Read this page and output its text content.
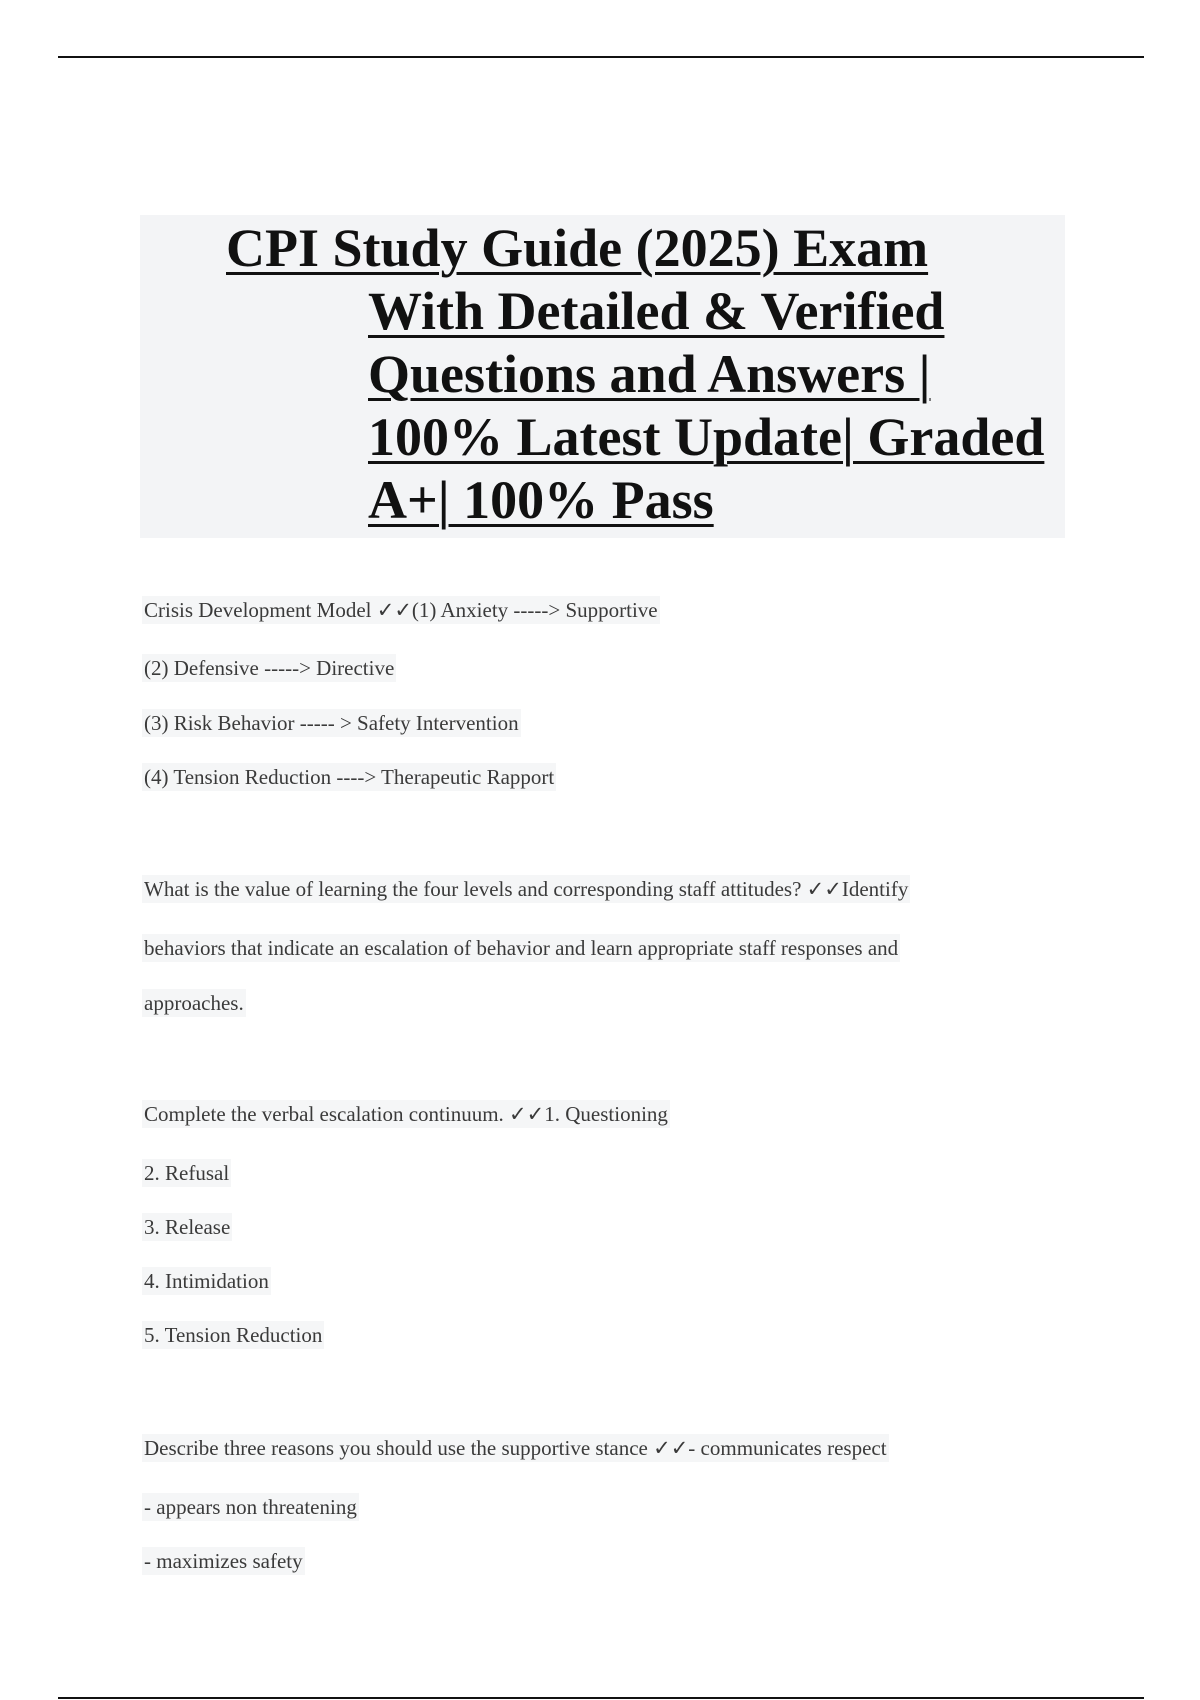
CPI Study Guide (2025) Exam
With Detailed & Verified
Questions and Answers |
100% Latest Update| Graded
A+| 100% Pass
Crisis Development Model ✓✓(1) Anxiety -----> Supportive
(2) Defensive -----> Directive
(3) Risk Behavior ----- > Safety Intervention
(4) Tension Reduction ----> Therapeutic Rapport
What is the value of learning the four levels and corresponding staff attitudes? ✓✓Identify
behaviors that indicate an escalation of behavior and learn appropriate staff responses and
approaches.
Complete the verbal escalation continuum. ✓✓1. Questioning
2. Refusal
3. Release
4. Intimidation
5. Tension Reduction
Describe three reasons you should use the supportive stance ✓✓- communicates respect
- appears non threatening
- maximizes safety
